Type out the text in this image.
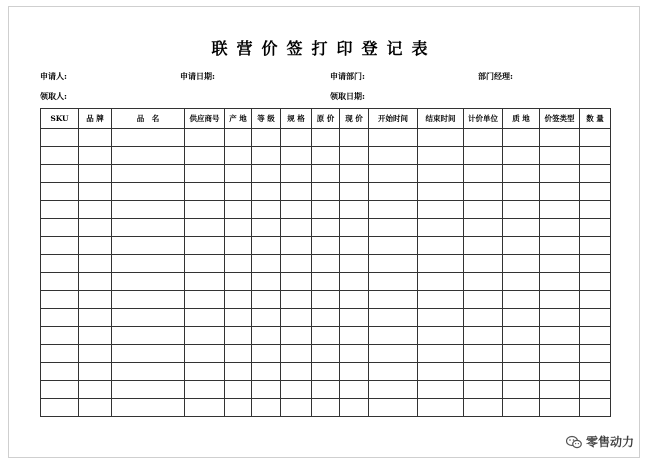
联营价签打印登记表
申请人:	申请日期:	申请部门:	部门经理:
领取人:	领取日期:
SKU	品 牌	品　名	供应商号	产 地	等 级	规 格	原 价	现 价	开始时间	结束时间	计价单位	质 地	价签类型	数 量

零售动力
